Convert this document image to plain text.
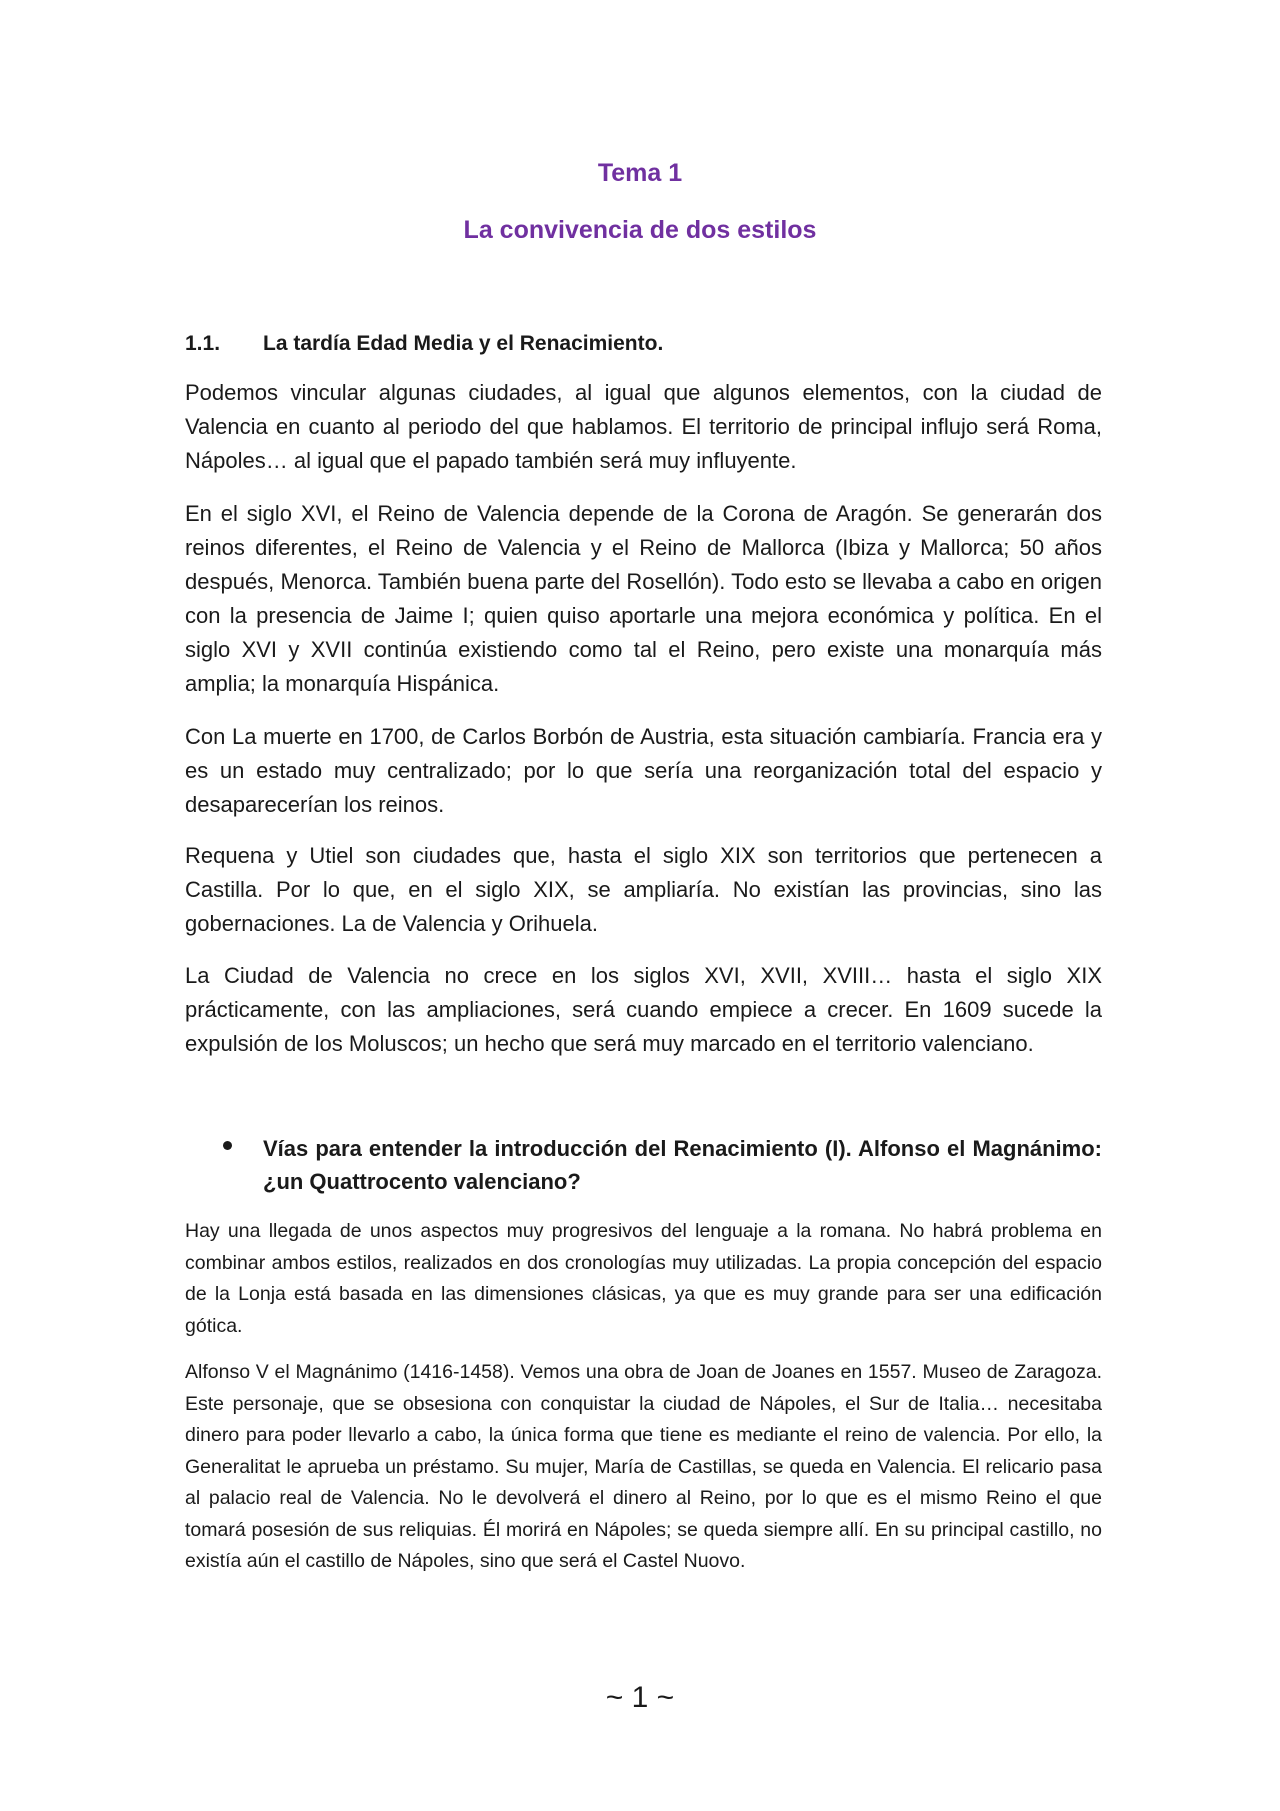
Tema 1
La convivencia de dos estilos
1.1. La tardía Edad Media y el Renacimiento.
Podemos vincular algunas ciudades, al igual que algunos elementos, con la ciudad de Valencia en cuanto al periodo del que hablamos. El territorio de principal influjo será Roma, Nápoles… al igual que el papado también será muy influyente.
En el siglo XVI, el Reino de Valencia depende de la Corona de Aragón. Se generarán dos reinos diferentes, el Reino de Valencia y el Reino de Mallorca (Ibiza y Mallorca; 50 años después, Menorca. También buena parte del Rosellón). Todo esto se llevaba a cabo en origen con la presencia de Jaime I; quien quiso aportarle una mejora económica y política. En el siglo XVI y XVII continúa existiendo como tal el Reino, pero existe una monarquía más amplia; la monarquía Hispánica.
Con La muerte en 1700, de Carlos Borbón de Austria, esta situación cambiaría. Francia era y es un estado muy centralizado; por lo que sería una reorganización total del espacio y desaparecerían los reinos.
Requena y Utiel son ciudades que, hasta el siglo XIX son territorios que pertenecen a Castilla. Por lo que, en el siglo XIX, se ampliaría. No existían las provincias, sino las gobernaciones. La de Valencia y Orihuela.
La Ciudad de Valencia no crece en los siglos XVI, XVII, XVIII… hasta el siglo XIX prácticamente, con las ampliaciones, será cuando empiece a crecer. En 1609 sucede la expulsión de los Moluscos; un hecho que será muy marcado en el territorio valenciano.
Vías para entender la introducción del Renacimiento (I). Alfonso el Magnánimo: ¿un Quattrocento valenciano?
Hay una llegada de unos aspectos muy progresivos del lenguaje a la romana. No habrá problema en combinar ambos estilos, realizados en dos cronologías muy utilizadas. La propia concepción del espacio de la Lonja está basada en las dimensiones clásicas, ya que es muy grande para ser una edificación gótica.
Alfonso V el Magnánimo (1416-1458). Vemos una obra de Joan de Joanes en 1557. Museo de Zaragoza. Este personaje, que se obsesiona con conquistar la ciudad de Nápoles, el Sur de Italia… necesitaba dinero para poder llevarlo a cabo, la única forma que tiene es mediante el reino de valencia. Por ello, la Generalitat le aprueba un préstamo. Su mujer, María de Castillas, se queda en Valencia. El relicario pasa al palacio real de Valencia. No le devolverá el dinero al Reino, por lo que es el mismo Reino el que tomará posesión de sus reliquias. Él morirá en Nápoles; se queda siempre allí. En su principal castillo, no existía aún el castillo de Nápoles, sino que será el Castel Nuovo.
~ 1 ~
